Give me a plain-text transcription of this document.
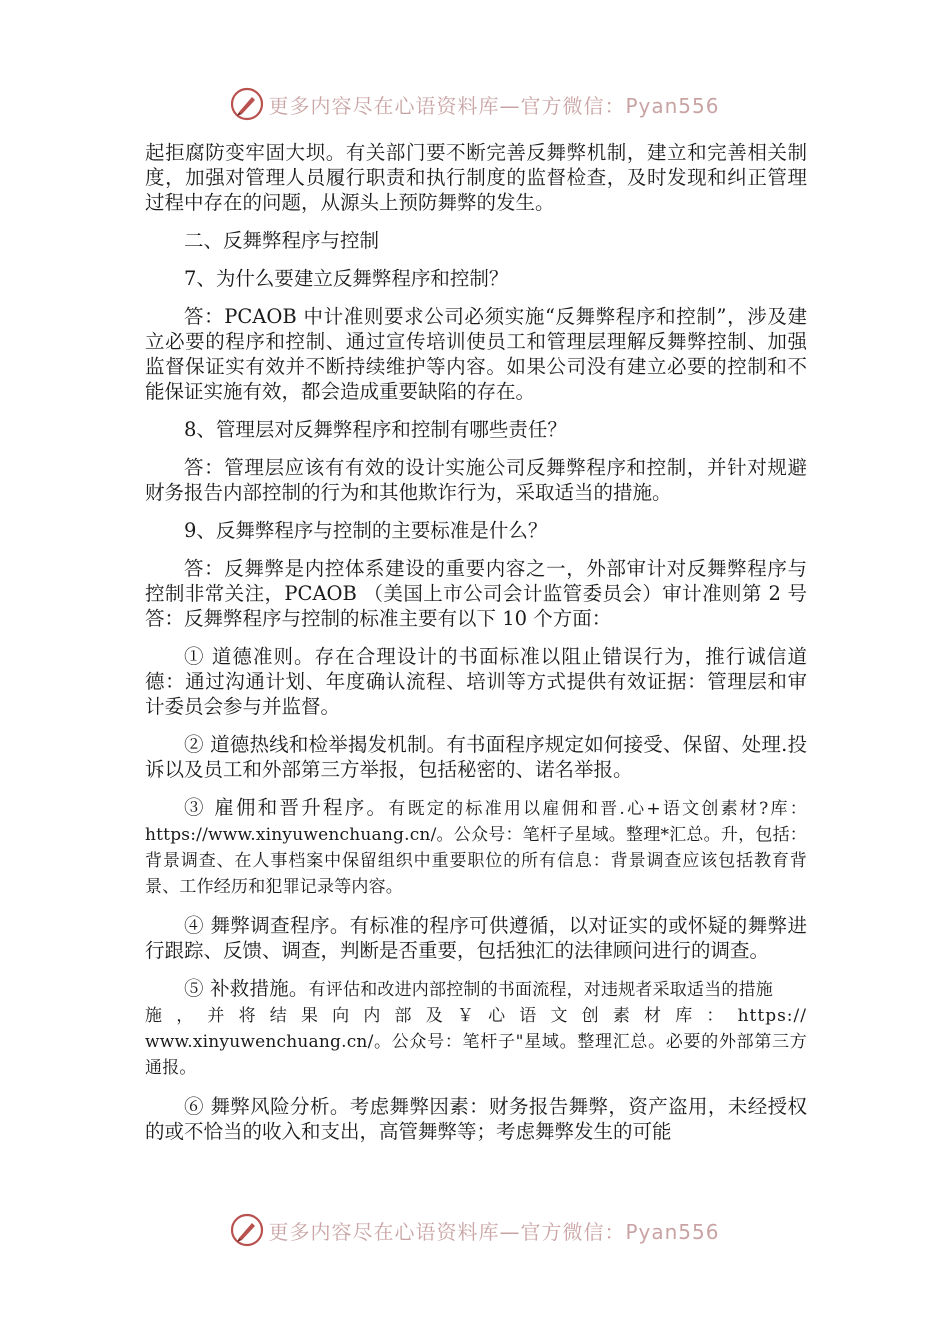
更多内容尽在心语资料库—官方微信：Pyan556

起拒腐防变牢固大坝。有关部门要不断完善反舞弊机制，建立和完善相关制度，加强对管理人员履行职责和执行制度的监督检查，及时发现和纠正管理过程中存在的问题，从源头上预防舞弊的发生。

二、反舞弊程序与控制

7、为什么要建立反舞弊程序和控制？

答：PCAOB 中计准则要求公司必须实施“反舞弊程序和控制”，涉及建立必要的程序和控制、通过宣传培训使员工和管理层理解反舞弊控制、加强监督保证实有效并不断持续维护等内容。如果公司没有建立必要的控制和不能保证实施有效，都会造成重要缺陷的存在。

8、管理层对反舞弊程序和控制有哪些责任？

答：管理层应该有有效的设计实施公司反舞弊程序和控制，并针对规避财务报告内部控制的行为和其他欺诈行为，采取适当的措施。

9、反舞弊程序与控制的主要标准是什么？

答：反舞弊是内控体系建设的重要内容之一，外部审计对反舞弊程序与控制非常关注，PCAOB （美国上市公司会计监管委员会）审计准则第 2 号答：反舞弊程序与控制的标准主要有以下 10 个方面：

① 道德准则。存在合理设计的书面标准以阻止错误行为，推行诚信道德：通过沟通计划、年度确认流程、培训等方式提供有效证据：管理层和审计委员会参与并监督。

② 道德热线和检举揭发机制。有书面程序规定如何接受、保留、处理.投诉以及员工和外部第三方举报，包括秘密的、诺名举报。

③ 雇佣和晋升程序。有既定的标准用以雇佣和晋.心+语文创素材?库：https://www.xinyuwenchuang.cn/。公众号：笔杆子星域。整理*汇总。升，包括：背景调查、在人事档案中保留组织中重要职位的所有信息：背景调查应该包括教育背景、工作经历和犯罪记录等内容。

④ 舞弊调查程序。有标准的程序可供遵循，以对证实的或怀疑的舞弊进行跟踪、反馈、调查，判断是否重要，包括独汇的法律顾问进行的调查。

⑤ 补救措施。有评估和改进内部控制的书面流程，对违规者采取适当的措施

施，并将结果向内部及￥心语文创素材库：https://
www.xinyuwenchuang.cn/。公众号：笔杆子"星域。整理汇总。必要的外部第三方通报。

⑥ 舞弊风险分析。考虑舞弊因素：财务报告舞弊，资产盗用，未经授权的或不恰当的收入和支出，高管舞弊等；考虑舞弊发生的可能

更多内容尽在心语资料库—官方微信：Pyan556
